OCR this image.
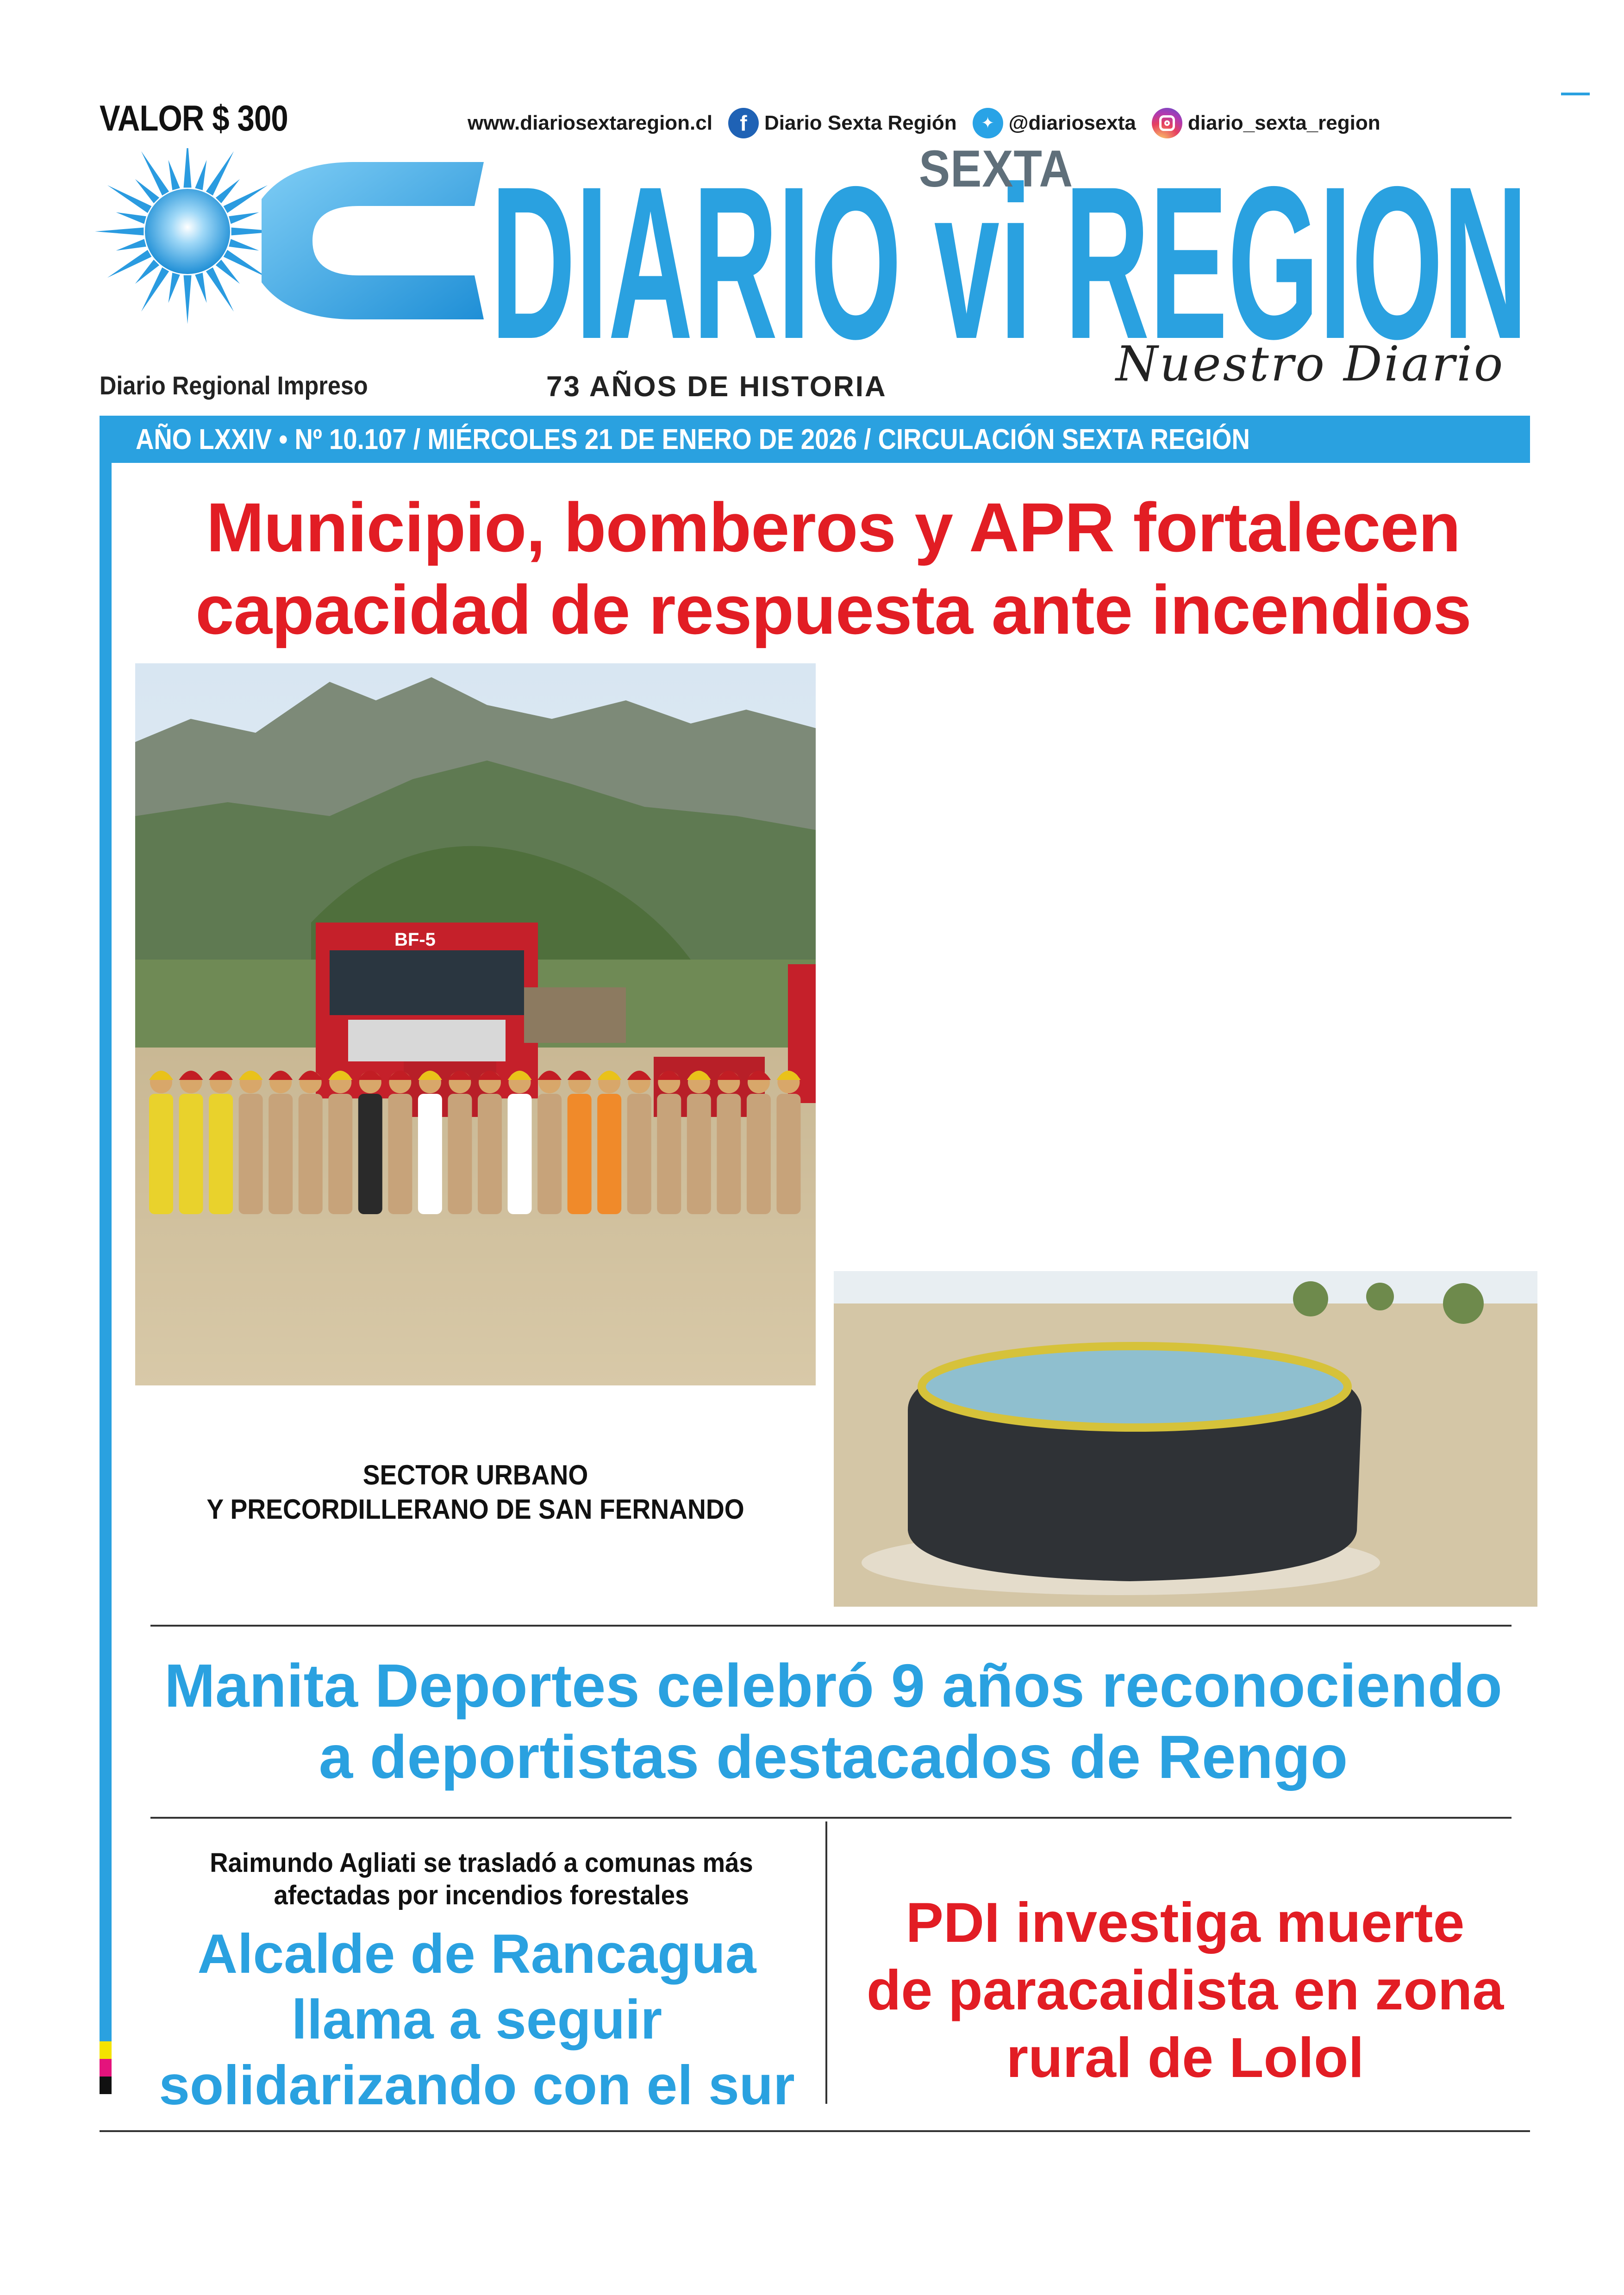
VALOR $ 300	www.diariosextaregion.cl	f Diario Sexta Región	✦ @diariosexta	diario_sexta_region
DIARIO vi REGION
SEXTA
Nuestro Diario
Diario Regional Impreso	73 AÑOS DE HISTORIA
AÑO LXXIV • Nº 10.107 / MIÉRCOLES 21 DE ENERO DE 2026 / CIRCULACIÓN SEXTA REGIÓN
Municipio, bomberos y APR fortalecen
capacidad de respuesta ante incendios
BF-5
SECTOR URBANO
Y PRECORDILLERANO DE SAN FERNANDO
Manita Deportes celebró 9 años reconociendo
a deportistas destacados de Rengo
Raimundo Agliati se trasladó a comunas más
afectadas por incendios forestales
Alcalde de Rancagua
llama a seguir
solidarizando con el sur
PDI investiga muerte
de paracaidista en zona
rural de Lolol
